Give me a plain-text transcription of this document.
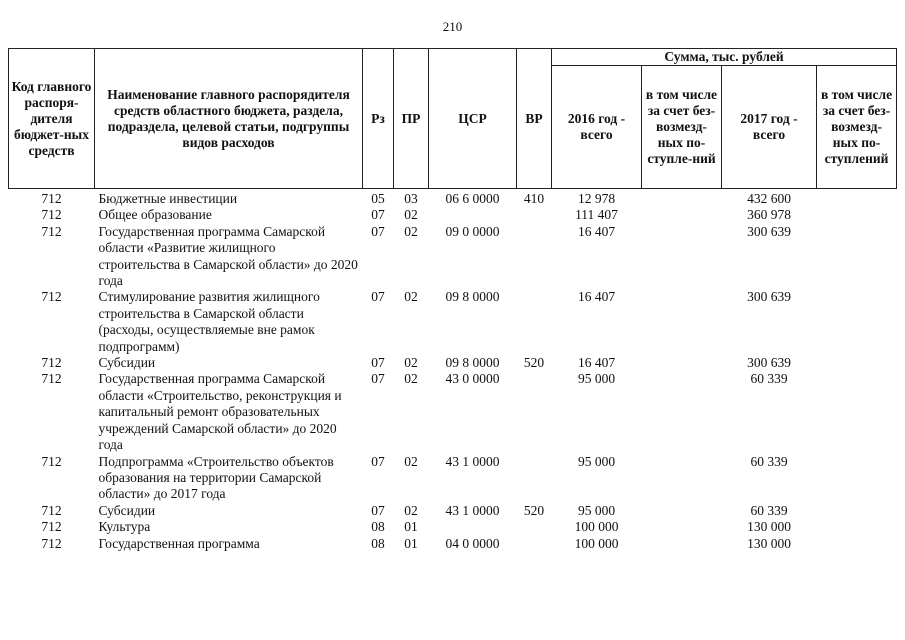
210
Код главного распоря-дителя бюджет-ных средств	Наименование главного распорядителя средств областного бюджета, раздела, подраздела, целевой статьи, подгруппы видов расходов	Рз	ПР	ЦСР	ВР	Сумма, тыс. рублей			
						2016 год - всего	в том числе за счет без-возмезд-ных по-ступле-ний	2017 год - всего	в том числе за счет без-возмезд-ных по-ступлений
712	Бюджетные инвестиции	05	03	06 6 0000	410	12 978		432 600	
712	Общее образование	07	02			111 407		360 978	
712	Государственная программа Самарской области «Развитие жилищного строительства в Самарской области» до 2020 года	07	02	09 0 0000		16 407		300 639	
712	Стимулирование развития жилищного строительства в Самарской области (расходы, осуществляемые вне рамок подпрограмм)	07	02	09 8 0000		16 407		300 639	
712	Субсидии	07	02	09 8 0000	520	16 407		300 639	
712	Государственная программа Самарской области «Строительство, реконструкция и капитальный ремонт образовательных учреждений Самарской области» до 2020 года	07	02	43 0 0000		95 000		60 339	
712	Подпрограмма «Строительство объектов образования на территории Самарской области» до 2017 года	07	02	43 1 0000		95 000		60 339	
712	Субсидии	07	02	43 1 0000	520	95 000		60 339	
712	Культура	08	01			100 000		130 000	
712	Государственная программа	08	01	04 0 0000		100 000		130 000	
